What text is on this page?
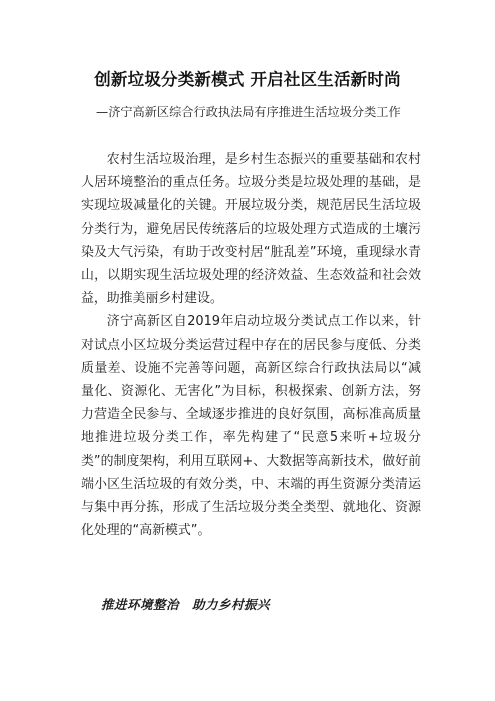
创新垃圾分类新模式 开启社区生活新时尚
—济宁高新区综合行政执法局有序推进生活垃圾分类工作

农村生活垃圾治理，是乡村生态振兴的重要基础和农村人居环境整治的重点任务。垃圾分类是垃圾处理的基础，是实现垃圾减量化的关键。开展垃圾分类，规范居民生活垃圾分类行为，避免居民传统落后的垃圾处理方式造成的土壤污染及大气污染，有助于改变村居“脏乱差”环境，重现绿水青山，以期实现生活垃圾处理的经济效益、生态效益和社会效益，助推美丽乡村建设。

济宁高新区自2019年启动垃圾分类试点工作以来，针对试点小区垃圾分类运营过程中存在的居民参与度低、分类质量差、设施不完善等问题，高新区综合行政执法局以“减量化、资源化、无害化”为目标，积极探索、创新方法，努力营造全民参与、全域逐步推进的良好氛围，高标准高质量地推进垃圾分类工作，率先构建了“民意5来听+垃圾分类”的制度架构，利用互联网+、大数据等高新技术，做好前端小区生活垃圾的有效分类，中、末端的再生资源分类清运与集中再分拣，形成了生活垃圾分类全类型、就地化、资源化处理的“高新模式”。

推进环境整治 助力乡村振兴
